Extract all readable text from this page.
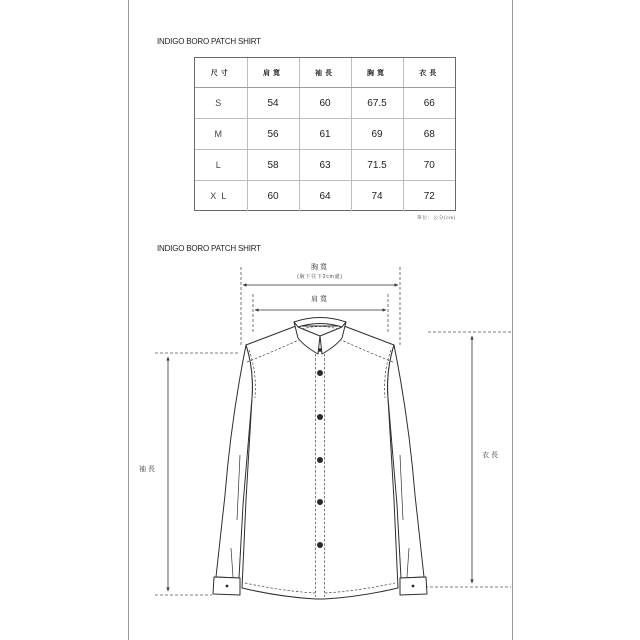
INDIGO BORO PATCH SHIRT
尺寸	肩寬	袖長	胸寬	衣長
S	54	60	67.5	66
M	56	61	69	68
L	58	63	71.5	70
XL	60	64	74	72
單位：公分(cm)
INDIGO BORO PATCH SHIRT
胸寬
(腋下往下2cm處)
肩寬
袖長
衣長
